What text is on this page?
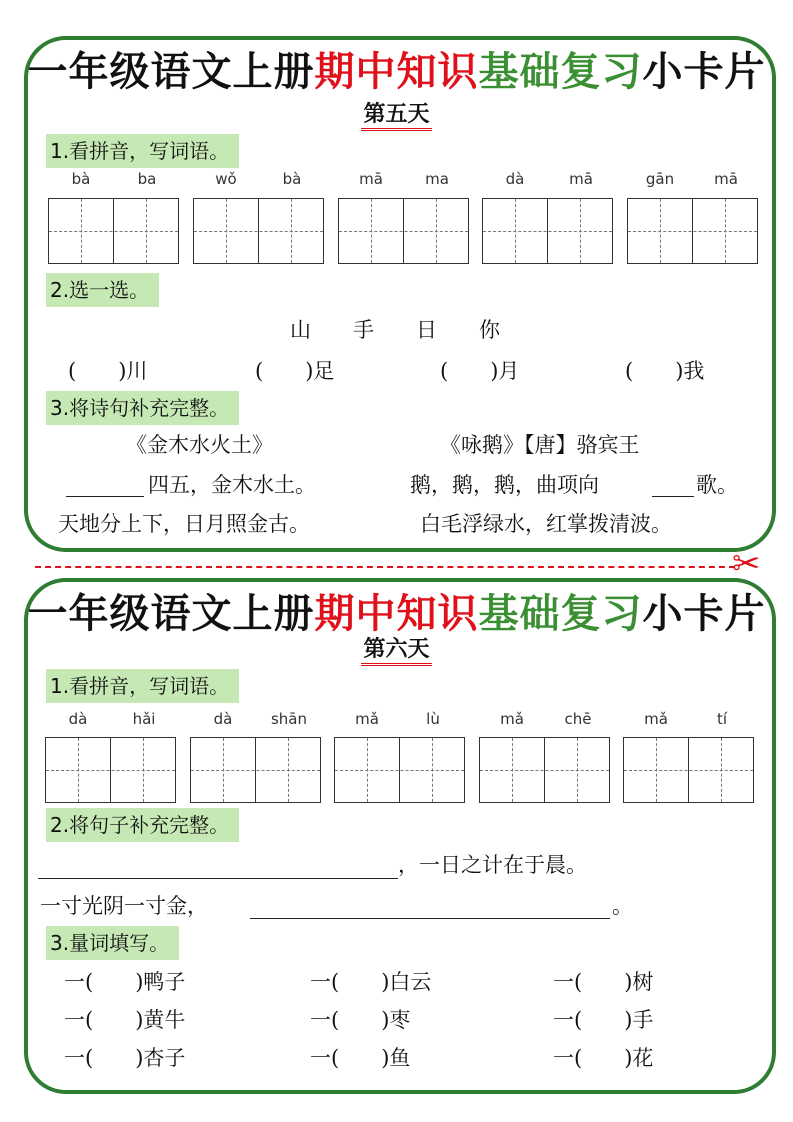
一年级语文上册期中知识基础复习小卡片
第五天
1.看拼音，写词语。
bà	ba	wǒ	bà	mā	ma	dà	mā	gān	mā
2.选一选。
山　　手　　日　　你
(　　)川	(　　)足	(　　)月	(　　)我
3.将诗句补充完整。
《金木水火土》	《咏鹅》【唐】骆宾王
四五，金木水土。	鹅，鹅，鹅，曲项向	歌。
天地分上下，日月照金古。	白毛浮绿水，红掌拨清波。
✂
一年级语文上册期中知识基础复习小卡片
第六天
1.看拼音，写词语。
dà	hǎi	dà	shān	mǎ	lù	mǎ	chē	mǎ	tí
2.将句子补充完整。
，一日之计在于晨。
一寸光阴一寸金，	。
3.量词填写。
一(　　)鸭子	一(　　)白云	一(　　)树
一(　　)黄牛	一(　　)枣	一(　　)手
一(　　)杏子	一(　　)鱼	一(　　)花
